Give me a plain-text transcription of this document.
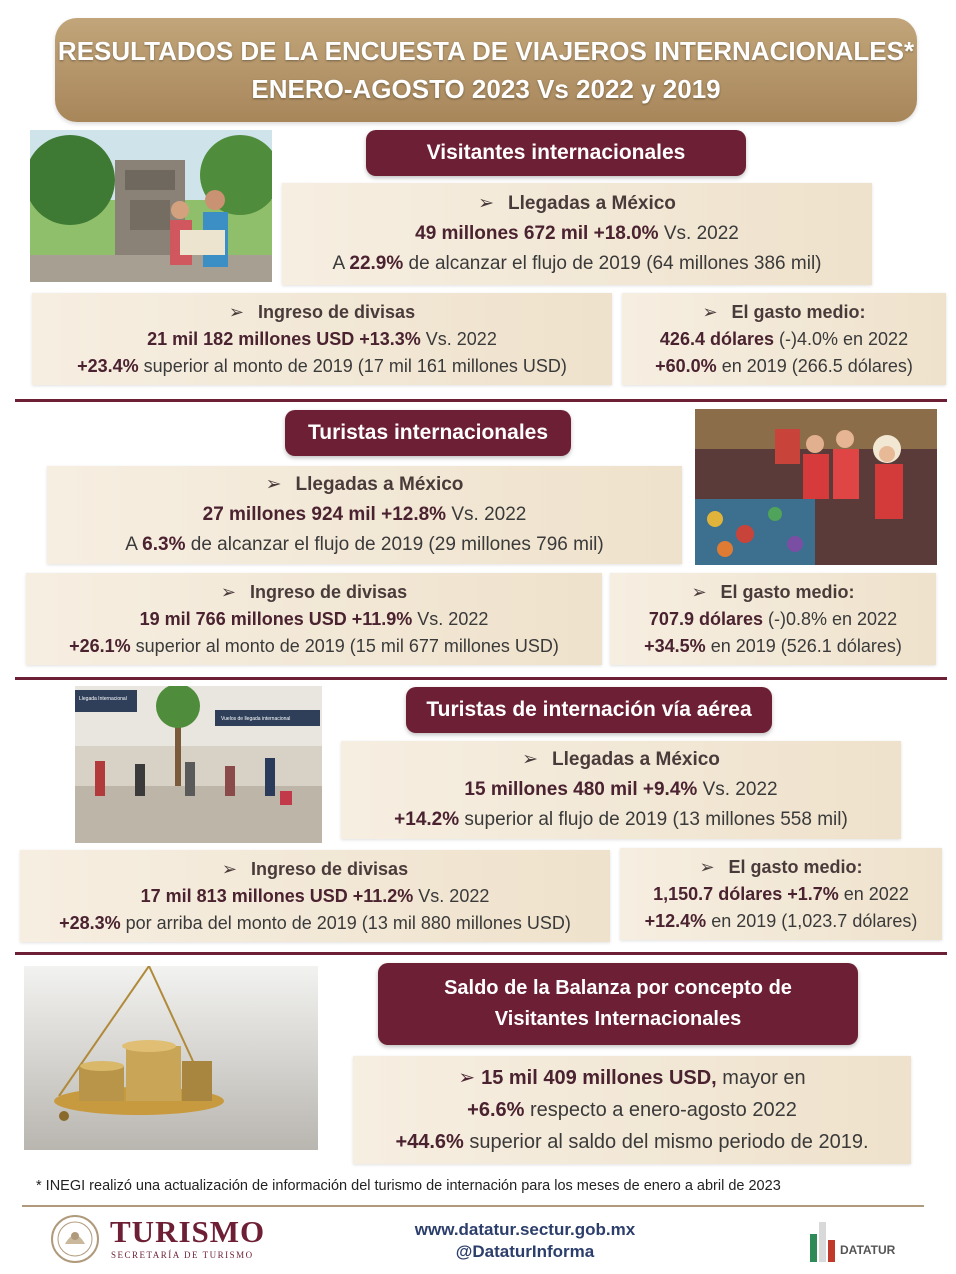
RESULTADOS DE LA ENCUESTA DE VIAJEROS INTERNACIONALES*
ENERO-AGOSTO 2023 Vs 2022 y 2019
Visitantes internacionales
➢ Llegadas a México
49 millones 672 mil +18.0% Vs. 2022
A 22.9% de alcanzar el flujo de 2019 (64 millones 386 mil)
➢ Ingreso de divisas
21 mil 182 millones USD +13.3% Vs. 2022
+23.4% superior al monto de 2019 (17 mil 161 millones USD)
➢ El gasto medio:
426.4 dólares (-)4.0% en 2022
+60.0% en 2019 (266.5 dólares)
Turistas internacionales
➢ Llegadas a México
27 millones 924 mil +12.8% Vs. 2022
A 6.3% de alcanzar el flujo de 2019 (29 millones 796 mil)
➢ Ingreso de divisas
19 mil 766 millones USD +11.9% Vs. 2022
+26.1% superior al monto de 2019 (15 mil 677 millones USD)
➢ El gasto medio:
707.9 dólares (-)0.8% en 2022
+34.5% en 2019 (526.1 dólares)
Llegada Internacional
Vuelos de llegada internacional	Turistas de internación vía aérea
➢ Llegadas a México
15 millones 480 mil +9.4% Vs. 2022
+14.2% superior al flujo de 2019 (13 millones 558 mil)
➢ Ingreso de divisas
17 mil 813 millones USD +11.2% Vs. 2022
+28.3% por arriba del monto de 2019 (13 mil 880 millones USD)
➢ El gasto medio:
1,150.7 dólares +1.7% en 2022
+12.4% en 2019 (1,023.7 dólares)
Saldo de la Balanza por concepto de
Visitantes Internacionales
➢ 15 mil 409 millones USD, mayor en
+6.6% respecto a enero-agosto 2022
+44.6% superior al saldo del mismo periodo de 2019.
* INEGI realizó una actualización de información del turismo de internación para los meses de enero a abril de 2023
TURISMO
SECRETARÍA DE TURISMO
www.datatur.sectur.gob.mx
@DataturInforma	DATATUR
